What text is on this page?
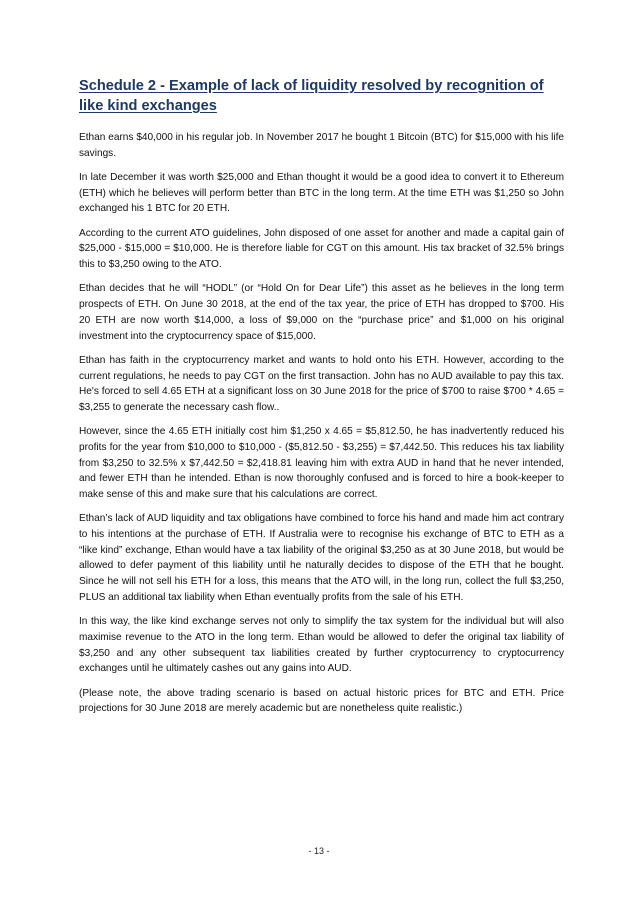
Schedule 2 - Example of lack of liquidity resolved by recognition of like kind exchanges

Ethan earns $40,000 in his regular job. In November 2017 he bought 1 Bitcoin (BTC) for $15,000 with his life savings.

In late December it was worth $25,000 and Ethan thought it would be a good idea to convert it to Ethereum (ETH) which he believes will perform better than BTC in the long term. At the time ETH was $1,250 so John exchanged his 1 BTC for 20 ETH.

According to the current ATO guidelines, John disposed of one asset for another and made a capital gain of $25,000 - $15,000 = $10,000. He is therefore liable for CGT on this amount. His tax bracket of 32.5% brings this to $3,250 owing to the ATO.

Ethan decides that he will “HODL” (or “Hold On for Dear Life”) this asset as he believes in the long term prospects of ETH. On June 30 2018, at the end of the tax year, the price of ETH has dropped to $700. His 20 ETH are now worth $14,000, a loss of $9,000 on the “purchase price” and $1,000 on his original investment into the cryptocurrency space of $15,000.

Ethan has faith in the cryptocurrency market and wants to hold onto his ETH. However, according to the current regulations, he needs to pay CGT on the first transaction. John has no AUD available to pay this tax. He's forced to sell 4.65 ETH at a significant loss on 30 June 2018 for the price of $700 to raise $700 * 4.65 = $3,255 to generate the necessary cash flow..

However, since the 4.65 ETH initially cost him $1,250 x 4.65 = $5,812.50, he has inadvertently reduced his profits for the year from $10,000 to $10,000 - ($5,812.50 - $3,255) = $7,442.50. This reduces his tax liability from $3,250 to 32.5% x $7,442.50 = $2,418.81 leaving him with extra AUD in hand that he never intended, and fewer ETH than he intended. Ethan is now thoroughly confused and is forced to hire a book-keeper to make sense of this and make sure that his calculations are correct.

Ethan’s lack of AUD liquidity and tax obligations have combined to force his hand and made him act contrary to his intentions at the purchase of ETH. If Australia were to recognise his exchange of BTC to ETH as a “like kind” exchange, Ethan would have a tax liability of the original $3,250 as at 30 June 2018, but would be allowed to defer payment of this liability until he naturally decides to dispose of the ETH that he bought. Since he will not sell his ETH for a loss, this means that the ATO will, in the long run, collect the full $3,250, PLUS an additional tax liability when Ethan eventually profits from the sale of his ETH.

In this way, the like kind exchange serves not only to simplify the tax system for the individual but will also maximise revenue to the ATO in the long term. Ethan would be allowed to defer the original tax liability of $3,250 and any other subsequent tax liabilities created by further cryptocurrency to cryptocurrency exchanges until he ultimately cashes out any gains into AUD.

(Please note, the above trading scenario is based on actual historic prices for BTC and ETH. Price projections for 30 June 2018 are merely academic but are nonetheless quite realistic.)

- 13 -
